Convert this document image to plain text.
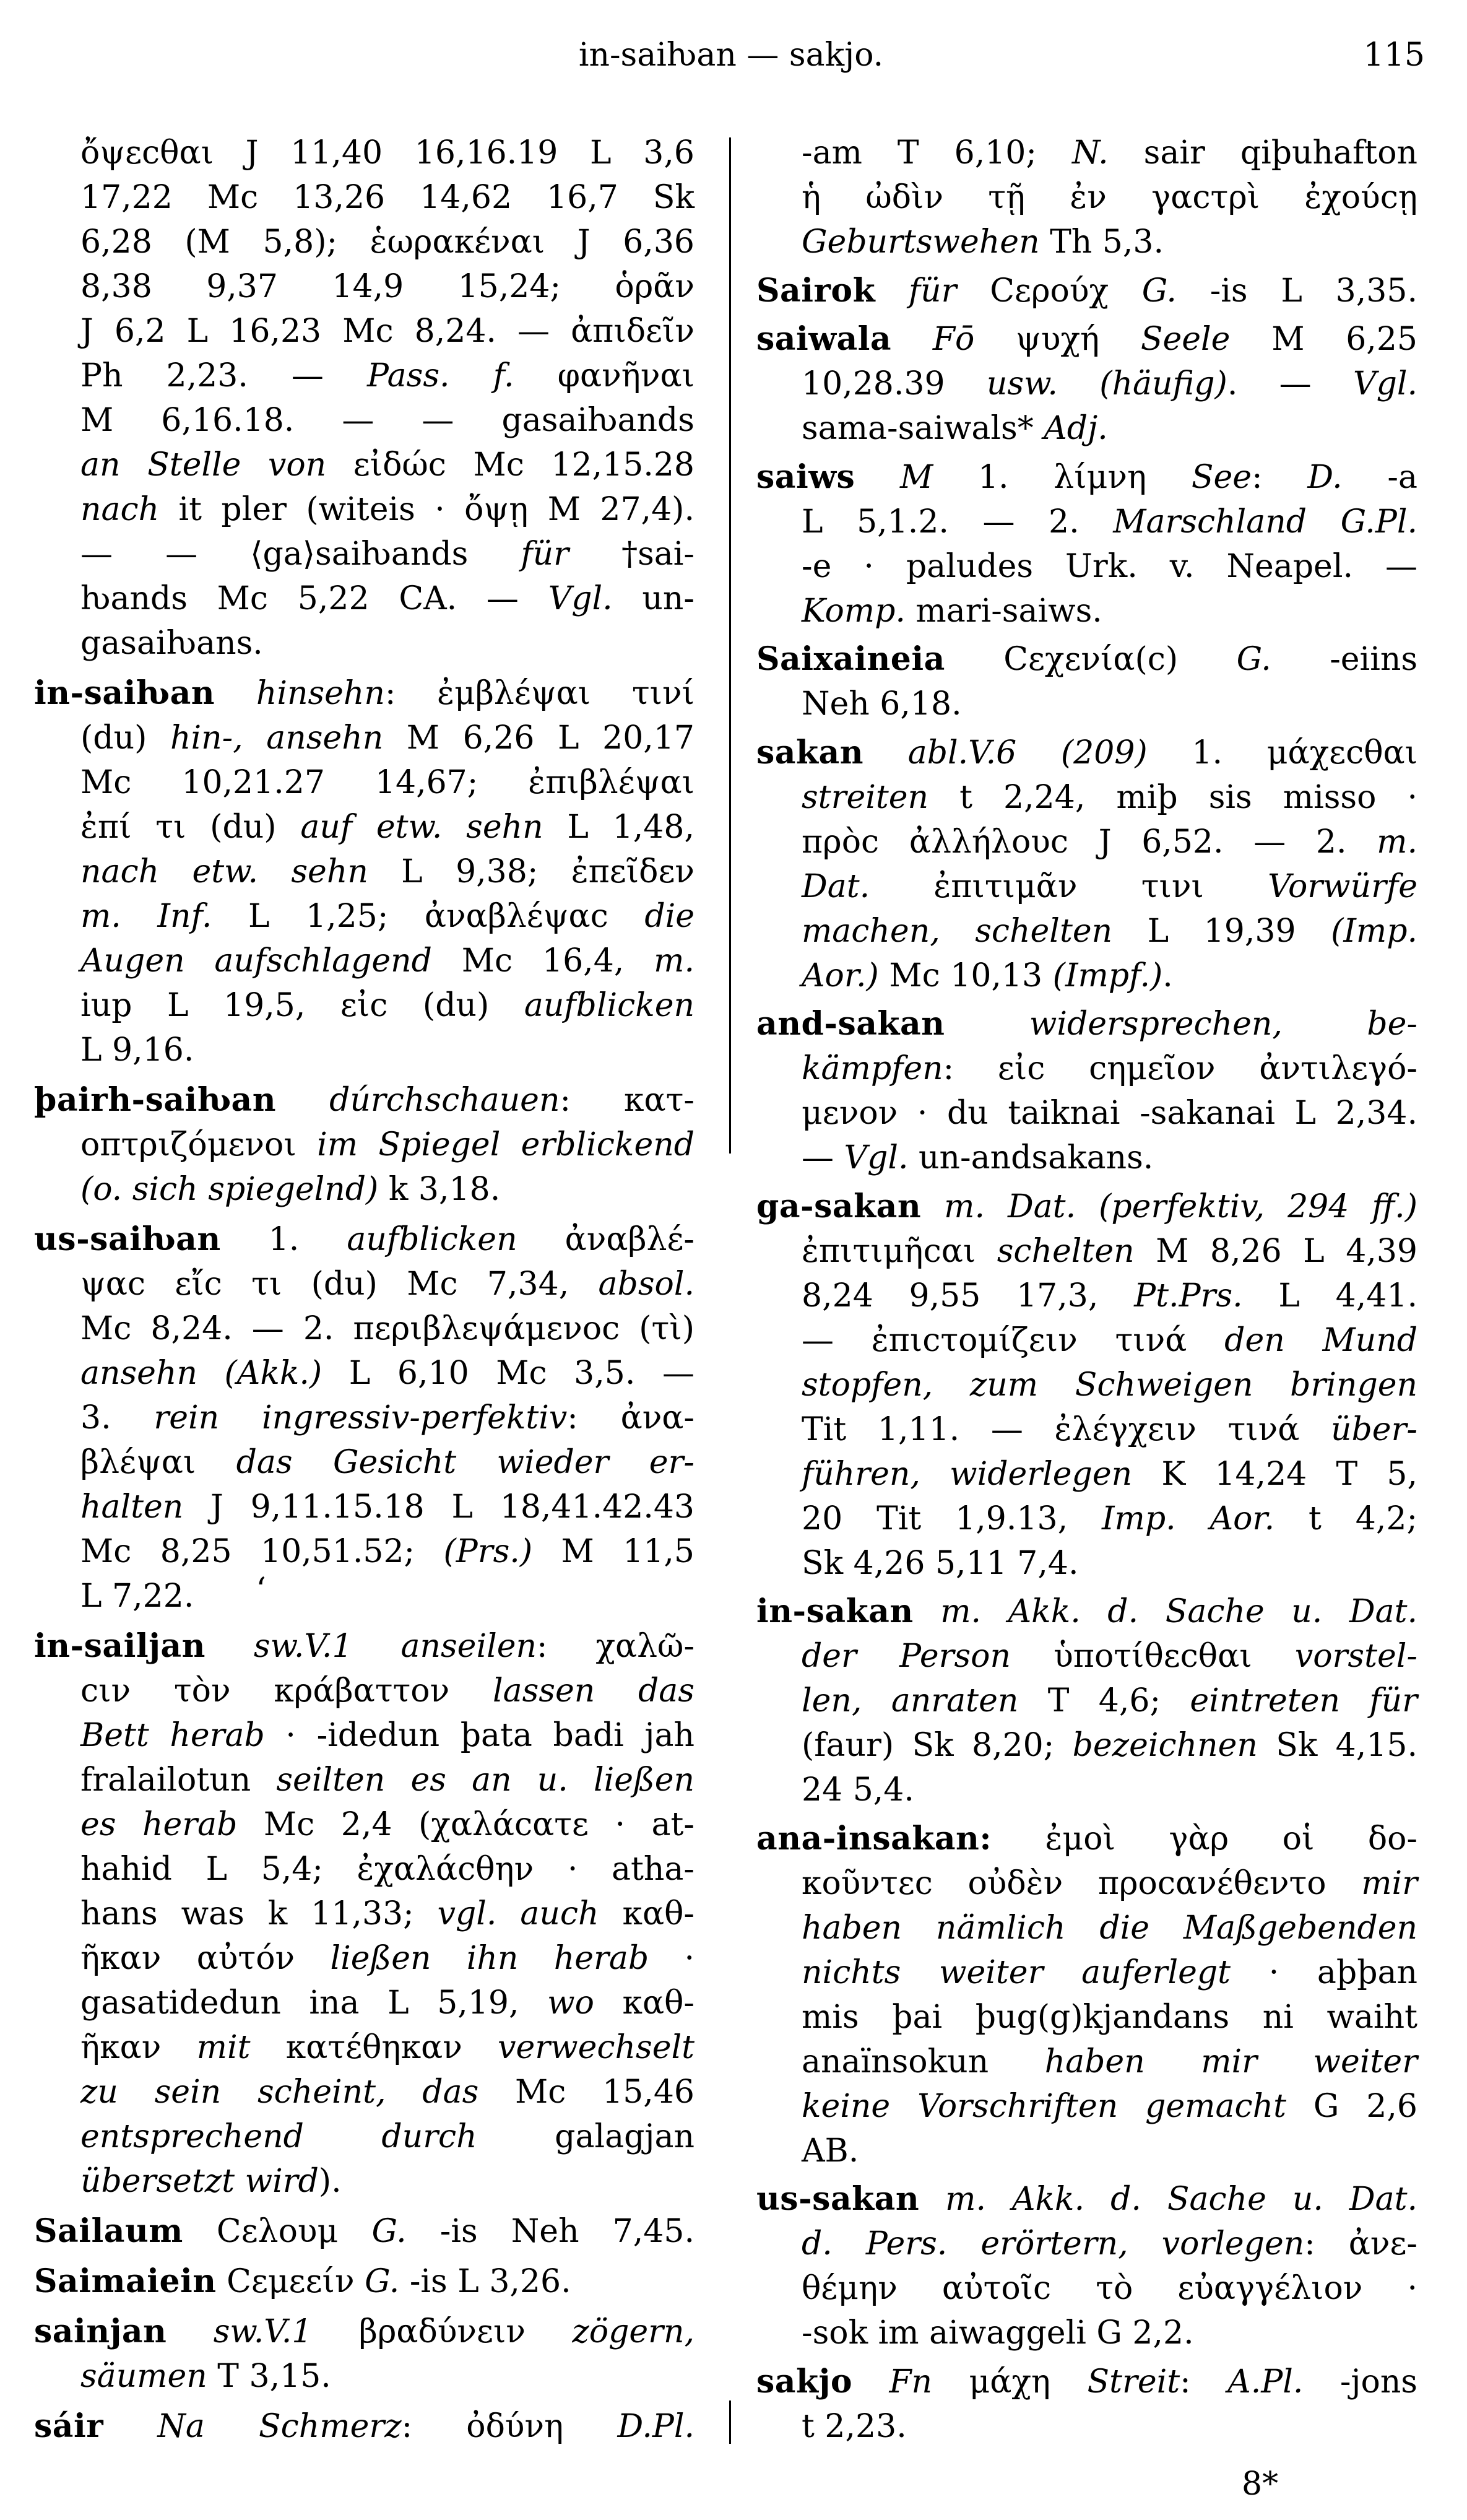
in-saiƕan — sakjo.	115
ὄψεϲθαι J 11,40 16,16.19 L 3,6
17,22 Mc 13,26 14,62 16,7 Sk
6,28 (M 5,8); ἑωρακέναι J 6,36
8,38 9,37 14,9 15,24; ὁρᾶν
J 6,2 L 16,23 Mc 8,24. — ἀπιδεῖν
Ph 2,23. — Pass. f. φανῆναι
M 6,16.18. — — gasaiƕands
an Stelle von εἰδώϲ Mc 12,15.28
nach it pler (witeis · ὄψῃ M 27,4).
— — ⟨ga⟩saiƕands für †sai-
ƕands Mc 5,22 CA. — Vgl. un-
gasaiƕans.
in-saiƕan hinsehn: ἐμβλέψαι τινί
(du) hin-, ansehn M 6,26 L 20,17
Mc 10,21.27 14,67; ἐπιβλέψαι
ἐπί τι (du) auf etw. sehn L 1,48,
nach etw. sehn L 9,38; ἐπεῖδεν
m. Inf. L 1,25; ἀναβλέψαϲ die
Augen aufschlagend Mc 16,4, m.
iup L 19,5, εἰϲ (du) aufblicken
L 9,16.
þairh-saiƕan dúrchschauen: κατ-
οπτριζόμενοι im Spiegel erblickend
(o. sich spiegelnd) k 3,18.
us-saiƕan 1. aufblicken ἀναβλέ-
ψαϲ εἴϲ τι (du) Mc 7,34, absol.
Mc 8,24. — 2. περιβλεψάμενοϲ (τὶ)
ansehn (Akk.) L 6,10 Mc 3,5. —
3. rein ingressiv-perfektiv: ἀνα-
βλέψαι das Gesicht wieder er-
halten J 9,11.15.18 L 18,41.42.43
Mc 8,25 10,51.52; (Prs.) M 11,5
L 7,22. ‘
in-sailjan sw.V.1 anseilen: χαλῶ-
ϲιν τὸν κράβαττον lassen das
Bett herab · -idedun þata badi jah
fralailotun seilten es an u. ließen
es herab Mc 2,4 (χαλάϲατε · at-
hahid L 5,4; ἐχαλάϲθην · atha-
hans was k 11,33; vgl. auch καθ-
ῆκαν αὐτόν ließen ihn herab ·
gasatidedun ina L 5,19, wo καθ-
ῆκαν mit κατέθηκαν verwechselt
zu sein scheint, das Mc 15,46
entsprechend durch galagjan
übersetzt wird).
Sailaum Ϲελουμ G. -is Neh 7,45.
Saimaiein Ϲεμεείν G. -is L 3,26.
sainjan sw.V.1 βραδύνειν zögern,
säumen T 3,15.
sáir Na Schmerz: ὀδύνη D.Pl.
-am T 6,10; N. sair qiþuhafton
ἡ ὠδὶν τῇ ἐν γαϲτρὶ ἐχούϲῃ
Geburtswehen Th 5,3.
Sairok für Ϲερούχ G. -is L 3,35.
saiwala Fō ψυχή Seele M 6,25
10,28.39 usw. (häufig). — Vgl.
sama-saiwals* Adj.
saiws M 1. λίμνη See: D. -a
L 5,1.2. — 2. Marschland G.Pl.
-e · paludes Urk. v. Neapel. —
Komp. mari-saiws.
Saixaineia Ϲεχενία(ϲ) G. -eiins
Neh 6,18.
sakan abl.V.6 (209) 1. μάχεϲθαι
streiten t 2,24, miþ sis misso ·
πρὸϲ ἀλλήλουϲ J 6,52. — 2. m.
Dat. ἐπιτιμᾶν τινι Vorwürfe
machen, schelten L 19,39 (Imp.
Aor.) Mc 10,13 (Impf.).
and-sakan	widersprechen, be-
kämpfen: εἰϲ ϲημεῖον ἀντιλεγό-
μενον · du taiknai -sakanai L 2,34.
— Vgl. un-andsakans.
ga-sakan m. Dat. (perfektiv, 294 ff.)
ἐπιτιμῆϲαι schelten M 8,26 L 4,39
8,24 9,55 17,3, Pt.Prs. L 4,41.
— ἐπιϲτομίζειν τινά den Mund
stopfen, zum Schweigen bringen
Tit 1,11. — ἐλέγχειν τινά über-
führen, widerlegen K 14,24 T 5,
20 Tit 1,9.13, Imp. Aor. t 4,2;
Sk 4,26 5,11 7,4.
in-sakan m. Akk. d. Sache u. Dat.
der Person ὑποτίθεϲθαι vorstel-
len, anraten T 4,6; eintreten für
(faur) Sk 8,20; bezeichnen Sk 4,15.
24 5,4.
ana-insakan: ἐμοὶ γὰρ οἱ δο-
κοῦντεϲ οὐδὲν προϲανέθεντο mir
haben nämlich die Maßgebenden
nichts weiter auferlegt · aþþan
mis þai þug(g)kjandans ni waiht
anaïnsokun haben mir weiter
keine Vorschriften gemacht G 2,6
AB.
us-sakan m. Akk. d. Sache u. Dat.
d. Pers. erörtern, vorlegen: ἀνε-
θέμην αὐτοῖϲ τὸ εὐαγγέλιον ·
-sok im aiwaggeli G 2,2.
sakjo Fn μάχη Streit: A.Pl. -jons
t 2,23.
8*
